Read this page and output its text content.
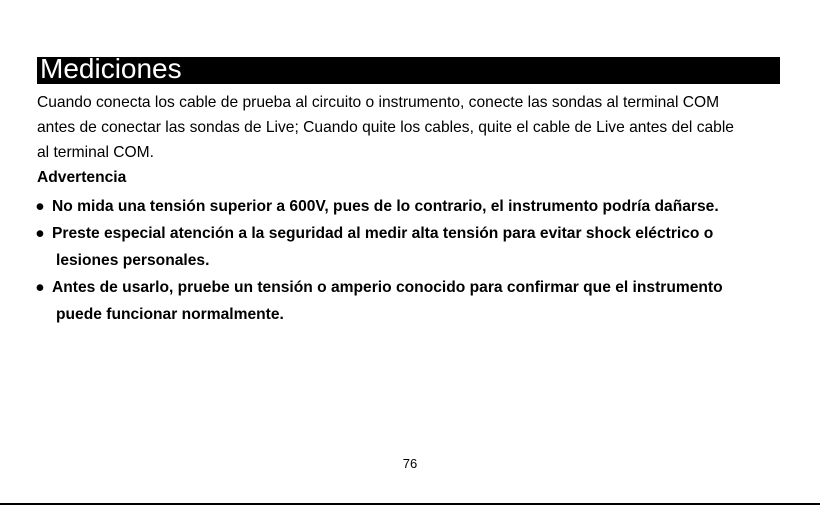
Mediciones

Cuando conecta los cable de prueba al circuito o instrumento, conecte las sondas al terminal COM

antes de conectar las sondas de Live; Cuando quite los cables, quite el cable de Live antes del cable

al terminal COM.

Advertencia
● No mida una tensión superior a 600V, pues de lo contrario, el instrumento podría dañarse.
● Preste especial atención a la seguridad al medir alta tensión para evitar shock eléctrico o
lesiones personales.
● Antes de usarlo, pruebe un tensión o amperio conocido para confirmar que el instrumento
puede funcionar normalmente.
76
